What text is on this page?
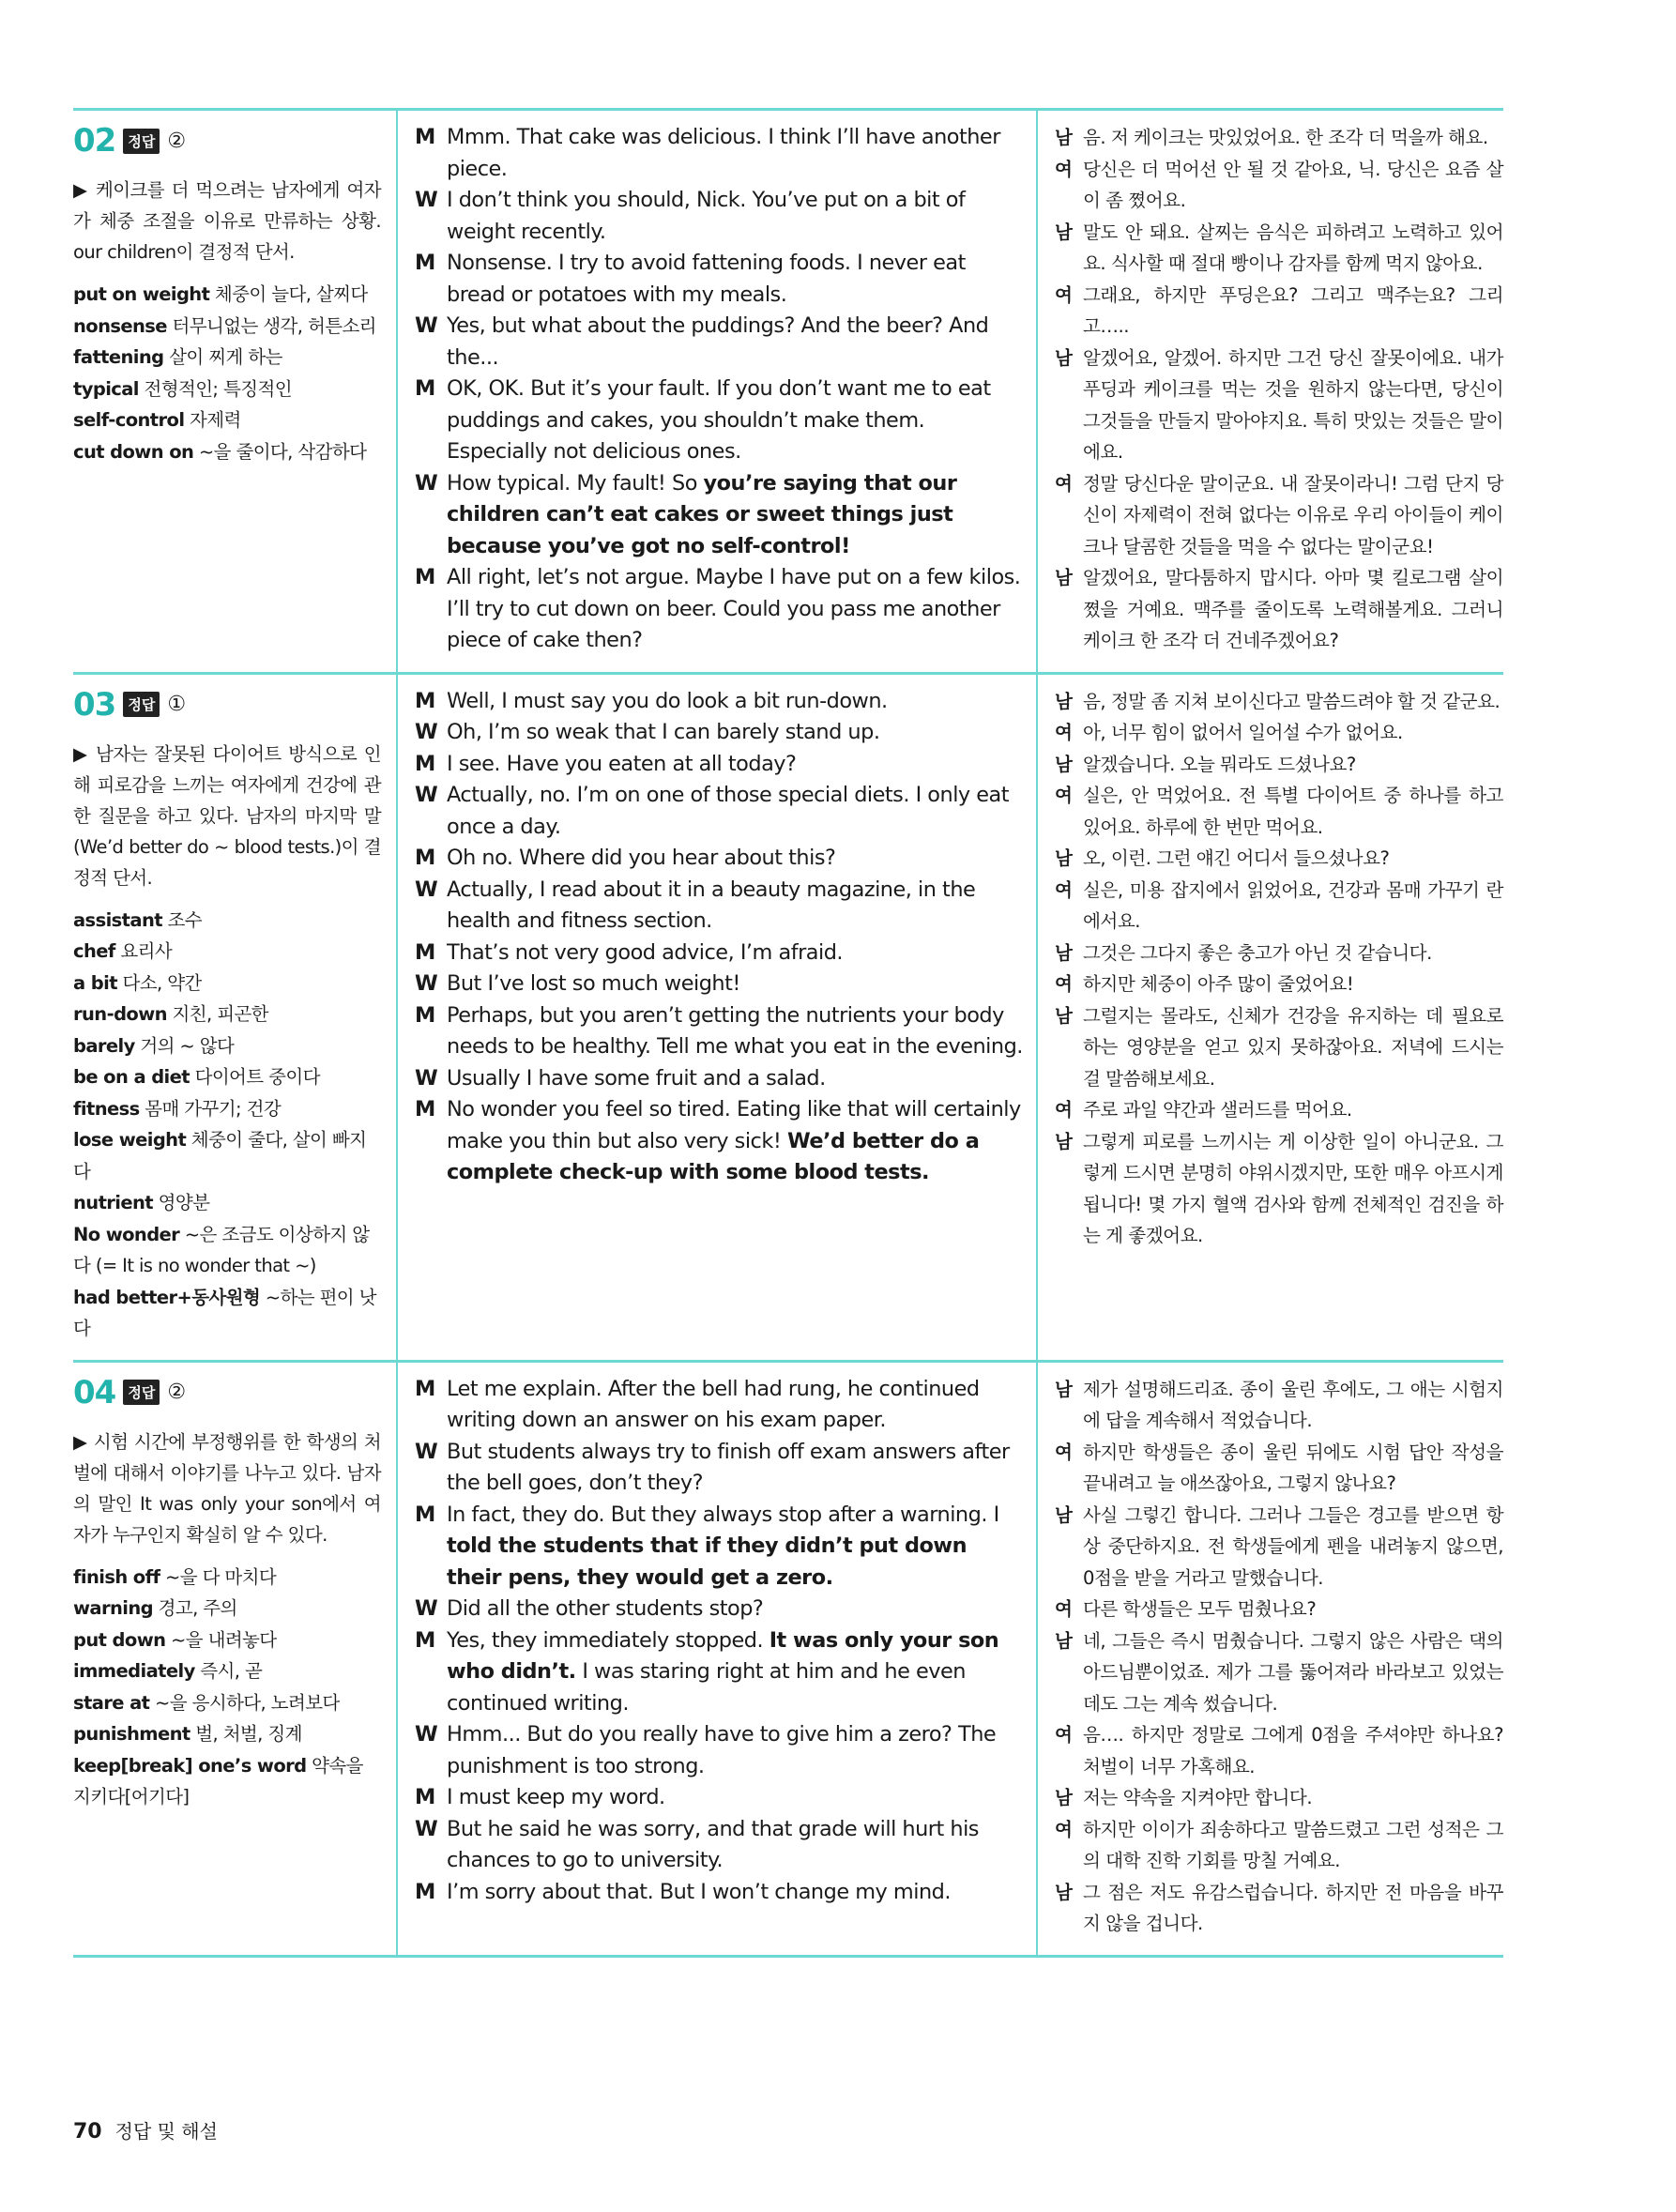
02 정답 ②
▶ 케이크를 더 먹으려는 남자에게 여자가 체중 조절을 이유로 만류하는 상황. our children이 결정적 단서.
put on weight 체중이 늘다, 살찌다
nonsense 터무니없는 생각, 허튼소리
fattening 살이 찌게 하는
typical 전형적인; 특징적인
self-control 자제력
cut down on ~을 줄이다, 삭감하다
M Mmm. That cake was delicious. I think I’ll have another piece.
W I don’t think you should, Nick. You’ve put on a bit of weight recently.
M Nonsense. I try to avoid fattening foods. I never eat bread or potatoes with my meals.
W Yes, but what about the puddings? And the beer? And the...
M OK, OK. But it’s your fault. If you don’t want me to eat puddings and cakes, you shouldn’t make them. Especially not delicious ones.
W How typical. My fault! So you’re saying that our children can’t eat cakes or sweet things just because you’ve got no self-control!
M All right, let’s not argue. Maybe I have put on a few kilos. I’ll try to cut down on beer. Could you pass me another piece of cake then?
남 음. 저 케이크는 맛있었어요. 한 조각 더 먹을까 해요.
여 당신은 더 먹어선 안 될 것 같아요, 닉. 당신은 요즘 살이 좀 쪘어요.
남 말도 안 돼요. 살찌는 음식은 피하려고 노력하고 있어요. 식사할 때 절대 빵이나 감자를 함께 먹지 않아요.
여 그래요, 하지만 푸딩은요? 그리고 맥주는요? 그리고…..
남 알겠어요, 알겠어. 하지만 그건 당신 잘못이에요. 내가 푸딩과 케이크를 먹는 것을 원하지 않는다면, 당신이 그것들을 만들지 말아야지요. 특히 맛있는 것들은 말이에요.
여 정말 당신다운 말이군요. 내 잘못이라니! 그럼 단지 당신이 자제력이 전혀 없다는 이유로 우리 아이들이 케이크나 달콤한 것들을 먹을 수 없다는 말이군요!
남 알겠어요, 말다툼하지 맙시다. 아마 몇 킬로그램 살이 쪘을 거예요. 맥주를 줄이도록 노력해볼게요. 그러니 케이크 한 조각 더 건네주겠어요?
03 정답 ①
▶ 남자는 잘못된 다이어트 방식으로 인해 피로감을 느끼는 여자에게 건강에 관한 질문을 하고 있다. 남자의 마지막 말(We’d better do ~ blood tests.)이 결정적 단서.
assistant 조수
chef 요리사
a bit 다소, 약간
run-down 지친, 피곤한
barely 거의 ~ 않다
be on a diet 다이어트 중이다
fitness 몸매 가꾸기; 건강
lose weight 체중이 줄다, 살이 빠지다
nutrient 영양분
No wonder ~은 조금도 이상하지 않다 (= It is no wonder that ~)
had better+동사원형 ~하는 편이 낫다
M Well, I must say you do look a bit run-down.
W Oh, I’m so weak that I can barely stand up.
M I see. Have you eaten at all today?
W Actually, no. I’m on one of those special diets. I only eat once a day.
M Oh no. Where did you hear about this?
W Actually, I read about it in a beauty magazine, in the health and fitness section.
M That’s not very good advice, I’m afraid.
W But I’ve lost so much weight!
M Perhaps, but you aren’t getting the nutrients your body needs to be healthy. Tell me what you eat in the evening.
W Usually I have some fruit and a salad.
M No wonder you feel so tired. Eating like that will certainly make you thin but also very sick! We’d better do a complete check-up with some blood tests.
남 음, 정말 좀 지쳐 보이신다고 말씀드려야 할 것 같군요.
여 아, 너무 힘이 없어서 일어설 수가 없어요.
남 알겠습니다. 오늘 뭐라도 드셨나요?
여 실은, 안 먹었어요. 전 특별 다이어트 중 하나를 하고 있어요. 하루에 한 번만 먹어요.
남 오, 이런. 그런 얘긴 어디서 들으셨나요?
여 실은, 미용 잡지에서 읽었어요, 건강과 몸매 가꾸기 란에서요.
남 그것은 그다지 좋은 충고가 아닌 것 같습니다.
여 하지만 체중이 아주 많이 줄었어요!
남 그럴지는 몰라도, 신체가 건강을 유지하는 데 필요로 하는 영양분을 얻고 있지 못하잖아요. 저녁에 드시는 걸 말씀해보세요.
여 주로 과일 약간과 샐러드를 먹어요.
남 그렇게 피로를 느끼시는 게 이상한 일이 아니군요. 그렇게 드시면 분명히 야위시겠지만, 또한 매우 아프시게 됩니다! 몇 가지 혈액 검사와 함께 전체적인 검진을 하는 게 좋겠어요.
04 정답 ②
▶ 시험 시간에 부정행위를 한 학생의 처벌에 대해서 이야기를 나누고 있다. 남자의 말인 It was only your son에서 여자가 누구인지 확실히 알 수 있다.
finish off ~을 다 마치다
warning 경고, 주의
put down ~을 내려놓다
immediately 즉시, 곧
stare at ~을 응시하다, 노려보다
punishment 벌, 처벌, 징계
keep[break] one’s word 약속을 지키다[어기다]
M Let me explain. After the bell had rung, he continued writing down an answer on his exam paper.
W But students always try to finish off exam answers after the bell goes, don’t they?
M In fact, they do. But they always stop after a warning. I told the students that if they didn’t put down their pens, they would get a zero.
W Did all the other students stop?
M Yes, they immediately stopped. It was only your son who didn’t. I was staring right at him and he even continued writing.
W Hmm... But do you really have to give him a zero? The punishment is too strong.
M I must keep my word.
W But he said he was sorry, and that grade will hurt his chances to go to university.
M I’m sorry about that. But I won’t change my mind.
남 제가 설명해드리죠. 종이 울린 후에도, 그 애는 시험지에 답을 계속해서 적었습니다.
여 하지만 학생들은 종이 울린 뒤에도 시험 답안 작성을 끝내려고 늘 애쓰잖아요, 그렇지 않나요?
남 사실 그렇긴 합니다. 그러나 그들은 경고를 받으면 항상 중단하지요. 전 학생들에게 펜을 내려놓지 않으면, 0점을 받을 거라고 말했습니다.
여 다른 학생들은 모두 멈췄나요?
남 네, 그들은 즉시 멈췄습니다. 그렇지 않은 사람은 댁의 아드님뿐이었죠. 제가 그를 뚫어져라 바라보고 있었는데도 그는 계속 썼습니다.
여 음…. 하지만 정말로 그에게 0점을 주셔야만 하나요? 처벌이 너무 가혹해요.
남 저는 약속을 지켜야만 합니다.
여 하지만 이이가 죄송하다고 말씀드렸고 그런 성적은 그의 대학 진학 기회를 망칠 거예요.
남 그 점은 저도 유감스럽습니다. 하지만 전 마음을 바꾸지 않을 겁니다.
70 정답 및 해설
